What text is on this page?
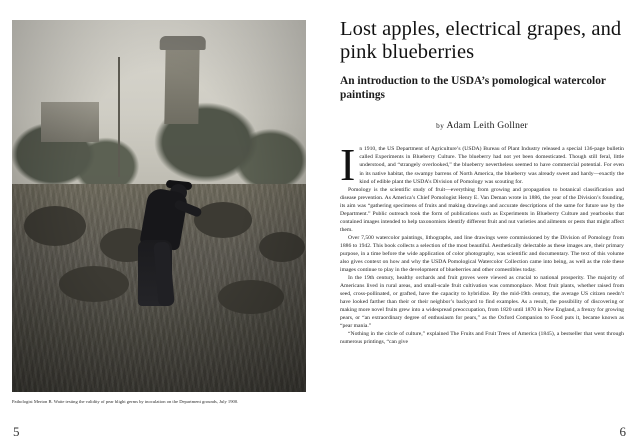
Pathologist Merton B. Waite testing the validity of pear blight germs by inoculation on the Department grounds, July 1900.
5
Lost apples, electrical grapes, and pink blueberries
An introduction to the USDA’s pomological watercolor paintings
by Adam Leith Gollner

In 1910, the US Department of Agriculture’s (USDA) Bureau of Plant Industry released a special 136-page bulletin called Experiments in Blueberry Culture. The blueberry had not yet been domesticated. Though still feral, little understood, and “strangely overlooked,” the blueberry nevertheless seemed to have commercial potential. For even in its native habitat, the swampy barrens of North America, the blueberry was already sweet and hardy—exactly the kind of edible plant the USDA’s Division of Pomology was scouting for.

Pomology is the scientific study of fruit—everything from growing and propagation to botanical classification and disease prevention. As America’s Chief Pomologist Henry E. Van Deman wrote in 1886, the year of the Division’s founding, its aim was “gathering specimens of fruits and making drawings and accurate descriptions of the same for future use by the Department.” Public outreach took the form of publications such as Experiments in Blueberry Culture and yearbooks that contained images intended to help taxonomists identify different fruit and nut varieties and ailments or pests that might affect them.

Over 7,500 watercolor paintings, lithographs, and line drawings were commissioned by the Division of Pomology from 1886 to 1942. This book collects a selection of the most beautiful. Aesthetically delectable as these images are, their primary purpose, in a time before the wide application of color photography, was scientific and documentary. The text of this volume also gives context on how and why the USDA Pomological Watercolor Collection came into being, as well as the role these images continue to play in the development of blueberries and other comestibles today.

In the 19th century, healthy orchards and fruit groves were viewed as crucial to national prosperity. The majority of Americans lived in rural areas, and small-scale fruit cultivation was commonplace. Most fruit plants, whether raised from seed, cross-pollinated, or grafted, have the capacity to hybridize. By the mid-19th century, the average US citizen needn’t have looked farther than their or their neighbor’s backyard to find examples. As a result, the possibility of discovering or making more novel fruits grew into a widespread preoccupation, from 1820 until 1870 in New England, a frenzy for growing pears, or “an extraordinary degree of enthusiasm for pears,” as the Oxford Companion to Food puts it, became known as “pear mania.”

“Nothing in the circle of culture,” explained The Fruits and Fruit Trees of America (1845), a bestseller that went through numerous printings, “can give

6
